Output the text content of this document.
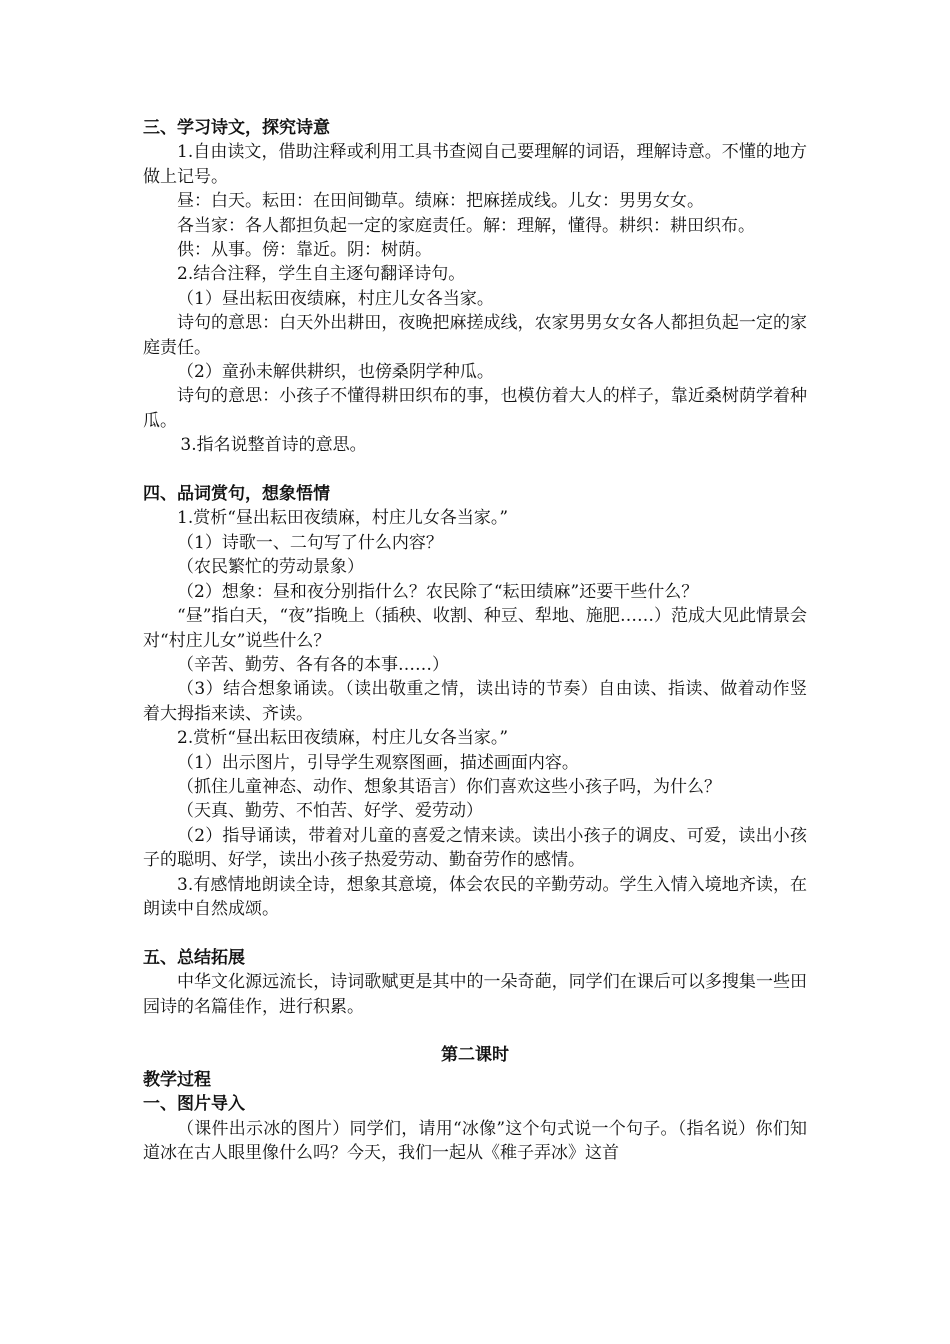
三、学习诗文，探究诗意
1.自由读文，借助注释或利用工具书查阅自己要理解的词语，理解诗意。不懂的地方做上记号。
昼：白天。耘田：在田间锄草。绩麻：把麻搓成线。儿女：男男女女。
各当家：各人都担负起一定的家庭责任。解：理解，懂得。耕织：耕田织布。
供：从事。傍：靠近。阴：树荫。
2.结合注释，学生自主逐句翻译诗句。
（1）昼出耘田夜绩麻，村庄儿女各当家。
诗句的意思：白天外出耕田，夜晚把麻搓成线，农家男男女女各人都担负起一定的家庭责任。
（2）童孙未解供耕织，也傍桑阴学种瓜。
诗句的意思：小孩子不懂得耕田织布的事，也模仿着大人的样子，靠近桑树荫学着种瓜。
3.指名说整首诗的意思。
四、品词赏句，想象悟情
1.赏析“昼出耘田夜绩麻，村庄儿女各当家。”
（1）诗歌一、二句写了什么内容？
（农民繁忙的劳动景象）
（2）想象：昼和夜分别指什么？农民除了“耘田绩麻”还要干些什么？
“昼”指白天，“夜”指晚上（插秧、收割、种豆、犁地、施肥……）范成大见此情景会对“村庄儿女”说些什么？
（辛苦、勤劳、各有各的本事……）
（3）结合想象诵读。（读出敬重之情，读出诗的节奏）自由读、指读、做着动作竖着大拇指来读、齐读。
2.赏析“昼出耘田夜绩麻，村庄儿女各当家。”
（1）出示图片，引导学生观察图画，描述画面内容。
（抓住儿童神态、动作、想象其语言）你们喜欢这些小孩子吗，为什么？
（天真、勤劳、不怕苦、好学、爱劳动）
（2）指导诵读，带着对儿童的喜爱之情来读。读出小孩子的调皮、可爱，读出小孩子的聪明、好学，读出小孩子热爱劳动、勤奋劳作的感情。
3.有感情地朗读全诗，想象其意境，体会农民的辛勤劳动。学生入情入境地齐读，在朗读中自然成颂。
五、总结拓展
中华文化源远流长，诗词歌赋更是其中的一朵奇葩，同学们在课后可以多搜集一些田园诗的名篇佳作，进行积累。
第二课时
教学过程
一、图片导入
（课件出示冰的图片）同学们，请用“冰像”这个句式说一个句子。（指名说）你们知道冰在古人眼里像什么吗？今天，我们一起从《稚子弄冰》这首
